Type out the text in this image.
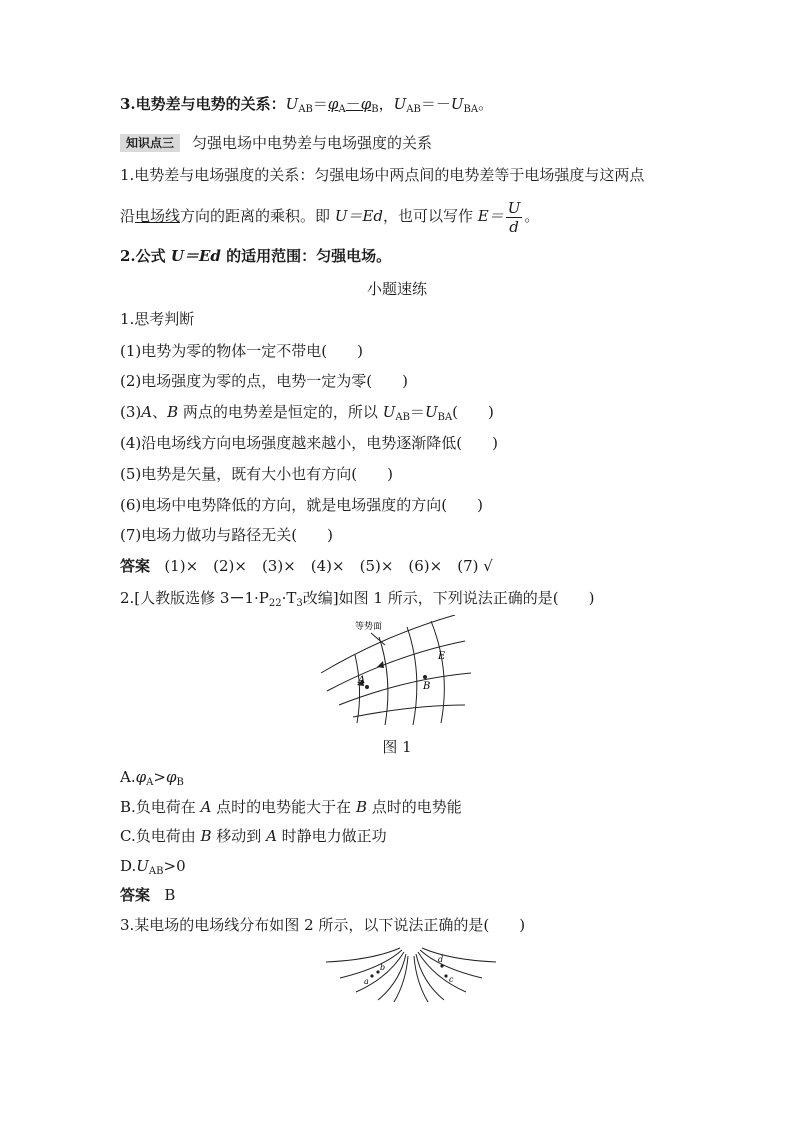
3.电势差与电势的关系：$U_{AB}=\varphi_A-\varphi_B$，$U_{AB}=-U_{BA}$。
知识点三 匀强电场中电势差与电场强度的关系
1.电势差与电场强度的关系：匀强电场中两点间的电势差等于电场强度与这两点
沿电场线方向的距离的乘积。即 U＝Ed，也可以写作 $E= \frac{U}{d}$ 。
2.公式 U＝Ed 的适用范围：匀强电场。
小题速练
1.思考判断
(1)电势为零的物体一定不带电(　　)
(2)电场强度为零的点，电势一定为零(　　)
(3)A、B 两点的电势差是恒定的，所以 $U_{AB}=U_{BA}$(　　)
(4)沿电场线方向电场强度越来越小，电势逐渐降低(　　)
(5)电势是矢量，既有大小也有方向(　　)
(6)电场中电势降低的方向，就是电场强度的方向(　　)
(7)电场力做功与路径无关(　　)
答案 (1)×　(2)×　(3)×　(4)×　(5)×　(6)×　(7) √
2.[人教版选修 $3-1\cdot P_{22}\cdot T_3$改编]如图 1 所示，下列说法正确的是(　　)
等势面
E
A
B
图 1
$A.\varphi_A>\varphi_B$
B.负电荷在 A 点时的电势能大于在 B 点时的电势能
C.负电荷由 B 移动到 A 时静电力做正功
$D.U_{AB}>0$
答案 B
3.某电场的电场线分布如图 2 所示，以下说法正确的是(　　)
a
b
d
c
